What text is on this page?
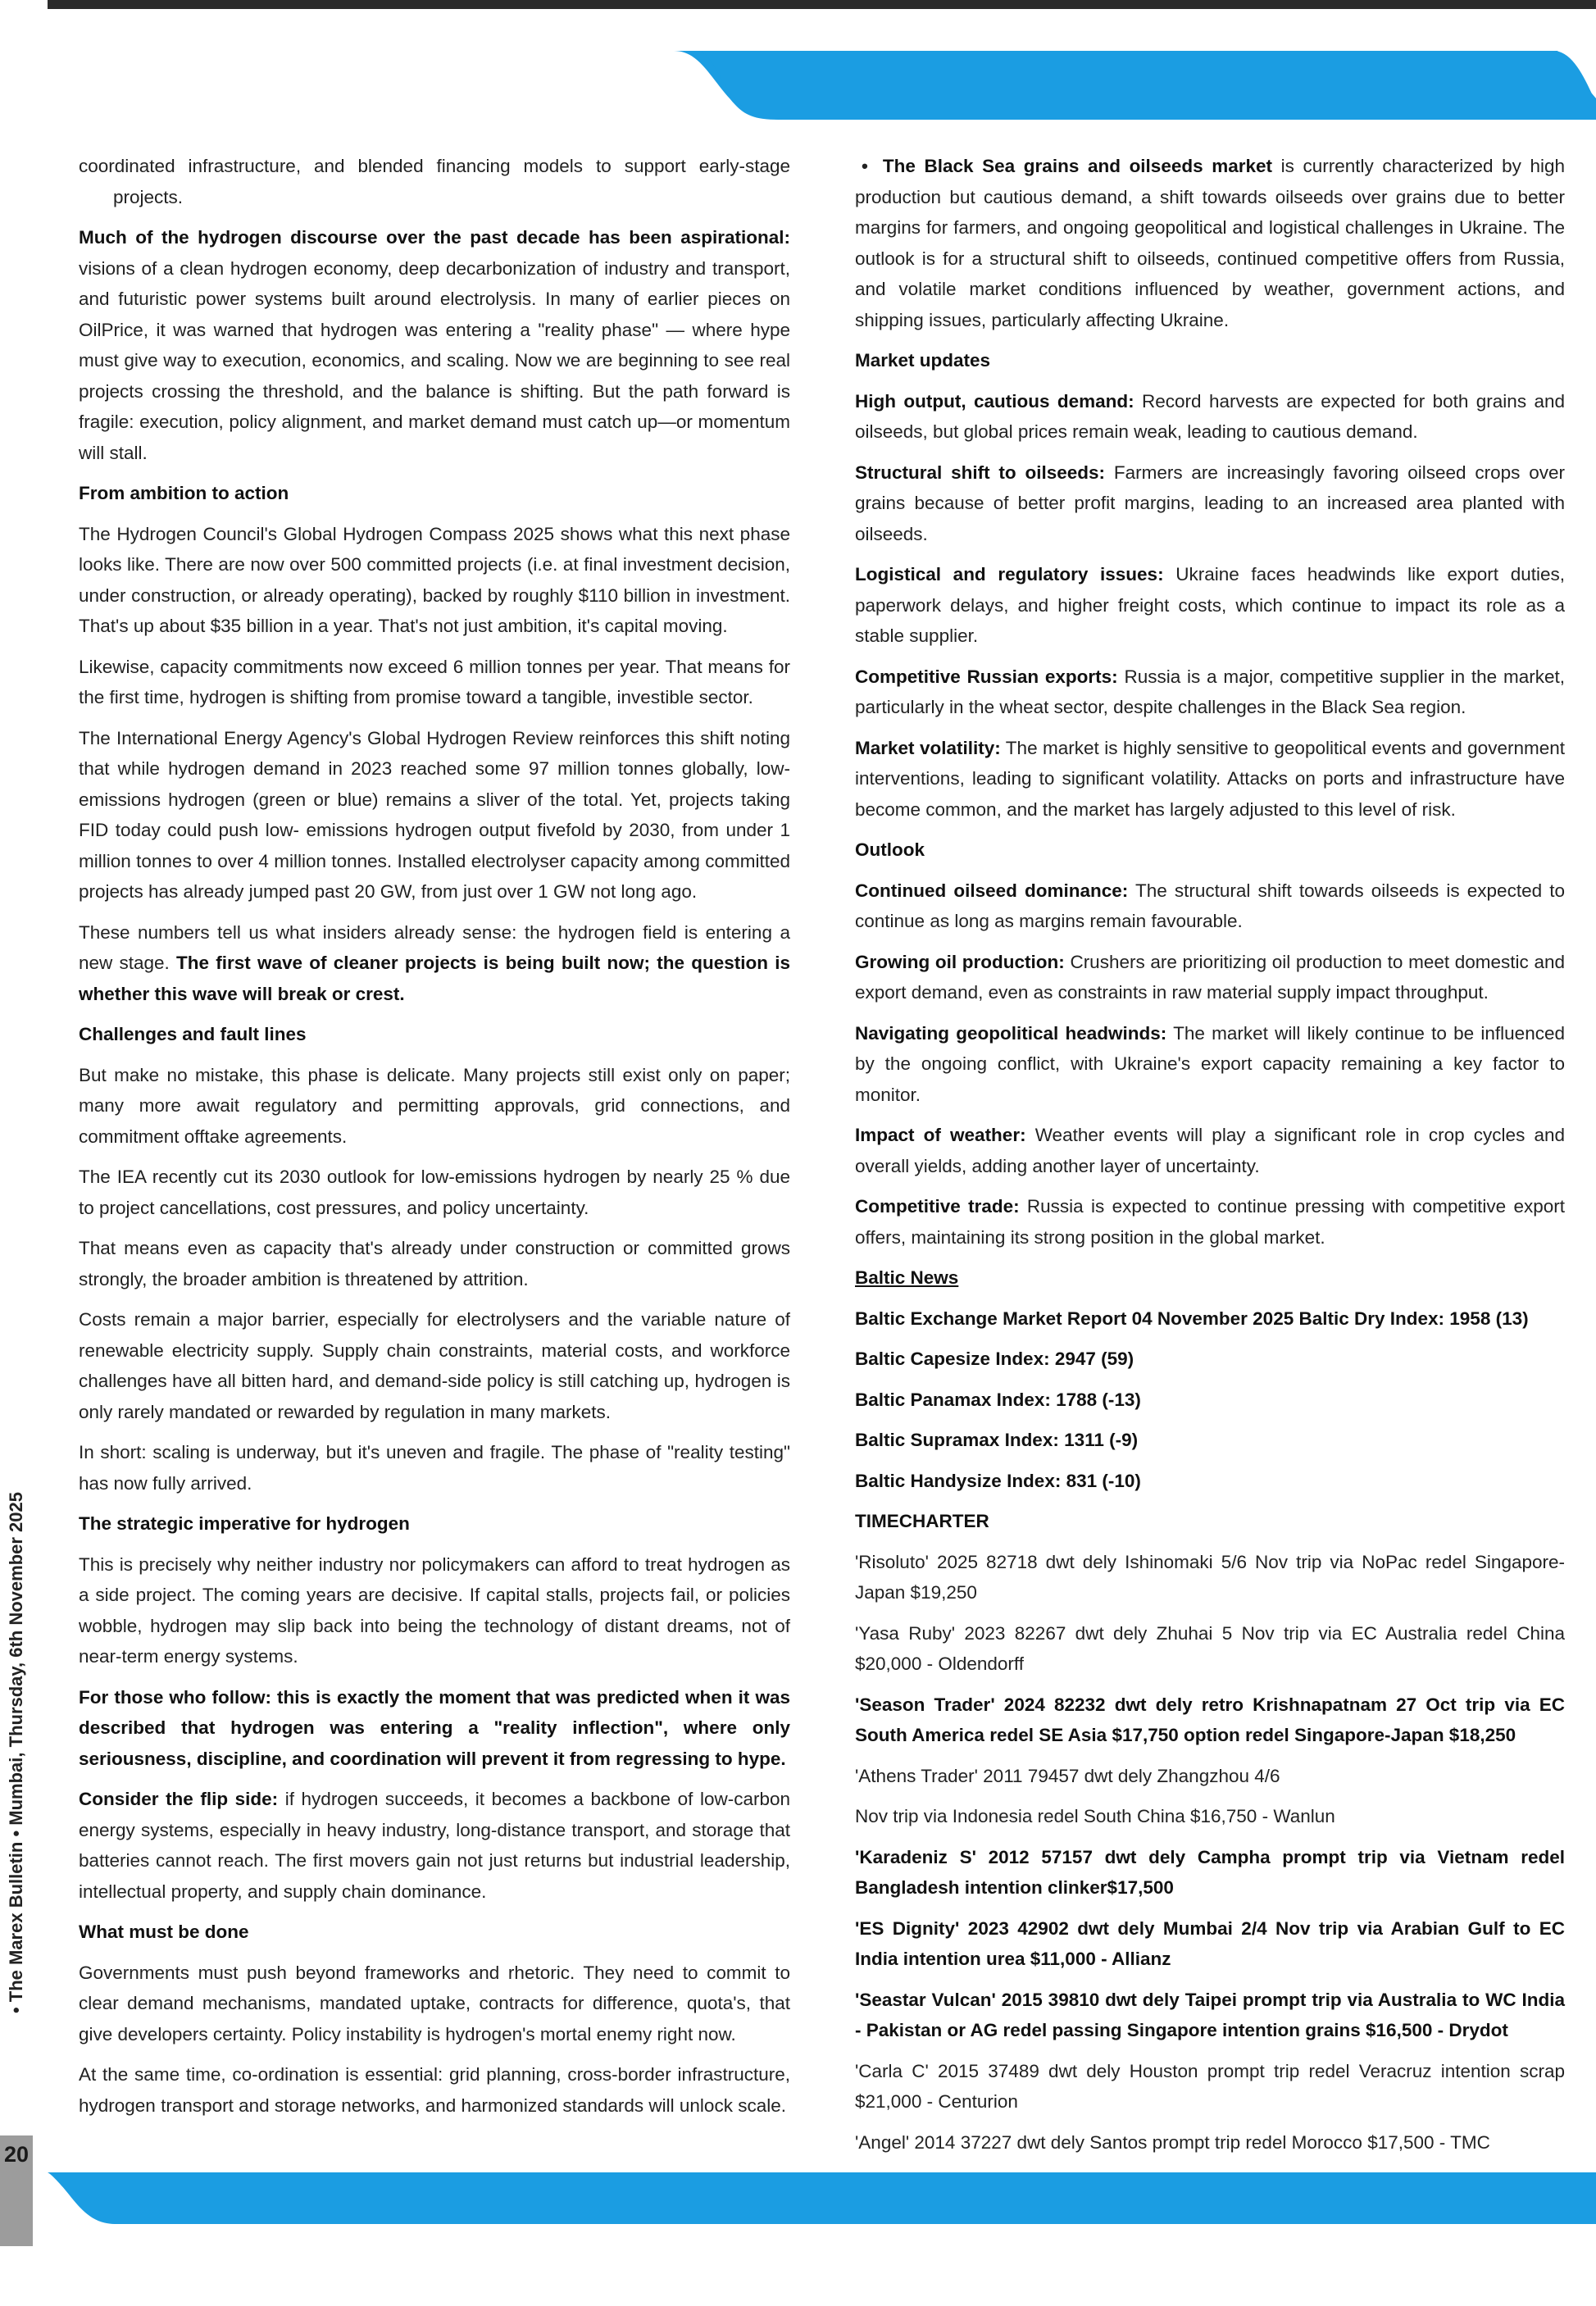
coordinated infrastructure, and blended financing models to support early-stage projects.

Much of the hydrogen discourse over the past decade has been aspirational: visions of a clean hydrogen economy, deep decarbonization of industry and transport, and futuristic power systems built around electrolysis. In many of earlier pieces on OilPrice, it was warned that hydrogen was entering a "reality phase" — where hype must give way to execution, economics, and scaling. Now we are beginning to see real projects crossing the threshold, and the balance is shifting. But the path forward is fragile: execution, policy alignment, and market demand must catch up—or momentum will stall.

From ambition to action

The Hydrogen Council's Global Hydrogen Compass 2025 shows what this next phase looks like. There are now over 500 committed projects (i.e. at final investment decision, under construction, or already operating), backed by roughly $110 billion in investment. That's up about $35 billion in a year. That's not just ambition, it's capital moving.

Likewise, capacity commitments now exceed 6 million tonnes per year. That means for the first time, hydrogen is shifting from promise toward a tangible, investible sector.

The International Energy Agency's Global Hydrogen Review reinforces this shift noting that while hydrogen demand in 2023 reached some 97 million tonnes globally, low-emissions hydrogen (green or blue) remains a sliver of the total. Yet, projects taking FID today could push low- emissions hydrogen output fivefold by 2030, from under 1 million tonnes to over 4 million tonnes. Installed electrolyser capacity among committed projects has already jumped past 20 GW, from just over 1 GW not long ago.

These numbers tell us what insiders already sense: the hydrogen field is entering a new stage. The first wave of cleaner projects is being built now; the question is whether this wave will break or crest.

Challenges and fault lines

But make no mistake, this phase is delicate. Many projects still exist only on paper; many more await regulatory and permitting approvals, grid connections, and commitment offtake agreements.

The IEA recently cut its 2030 outlook for low-emissions hydrogen by nearly 25 % due to project cancellations, cost pressures, and policy uncertainty.

That means even as capacity that's already under construction or committed grows strongly, the broader ambition is threatened by attrition.

Costs remain a major barrier, especially for electrolysers and the variable nature of renewable electricity supply. Supply chain constraints, material costs, and workforce challenges have all bitten hard, and demand-side policy is still catching up, hydrogen is only rarely mandated or rewarded by regulation in many markets.

In short: scaling is underway, but it's uneven and fragile. The phase of "reality testing" has now fully arrived.

The strategic imperative for hydrogen

This is precisely why neither industry nor policymakers can afford to treat hydrogen as a side project. The coming years are decisive. If capital stalls, projects fail, or policies wobble, hydrogen may slip back into being the technology of distant dreams, not of near-term energy systems.

For those who follow: this is exactly the moment that was predicted when it was described that hydrogen was entering a "reality inflection", where only seriousness, discipline, and coordination will prevent it from regressing to hype.

Consider the flip side: if hydrogen succeeds, it becomes a backbone of low-carbon energy systems, especially in heavy industry, long-distance transport, and storage that batteries cannot reach. The first movers gain not just returns but industrial leadership, intellectual property, and supply chain dominance.

What must be done

Governments must push beyond frameworks and rhetoric. They need to commit to clear demand mechanisms, mandated uptake, contracts for difference, quota's, that give developers certainty. Policy instability is hydrogen's mortal enemy right now.

At the same time, co-ordination is essential: grid planning, cross-border infrastructure, hydrogen transport and storage networks, and harmonized standards will unlock scale.

• The Black Sea grains and oilseeds market is currently characterized by high production but cautious demand, a shift towards oilseeds over grains due to better margins for farmers, and ongoing geopolitical and logistical challenges in Ukraine. The outlook is for a structural shift to oilseeds, continued competitive offers from Russia, and volatile market conditions influenced by weather, government actions, and shipping issues, particularly affecting Ukraine.

Market updates

High output, cautious demand: Record harvests are expected for both grains and oilseeds, but global prices remain weak, leading to cautious demand.

Structural shift to oilseeds: Farmers are increasingly favoring oilseed crops over grains because of better profit margins, leading to an increased area planted with oilseeds.

Logistical and regulatory issues: Ukraine faces headwinds like export duties, paperwork delays, and higher freight costs, which continue to impact its role as a stable supplier.

Competitive Russian exports: Russia is a major, competitive supplier in the market, particularly in the wheat sector, despite challenges in the Black Sea region.

Market volatility: The market is highly sensitive to geopolitical events and government interventions, leading to significant volatility. Attacks on ports and infrastructure have become common, and the market has largely adjusted to this level of risk.

Outlook

Continued oilseed dominance: The structural shift towards oilseeds is expected to continue as long as margins remain favourable.

Growing oil production: Crushers are prioritizing oil production to meet domestic and export demand, even as constraints in raw material supply impact throughput.

Navigating geopolitical headwinds: The market will likely continue to be influenced by the ongoing conflict, with Ukraine's export capacity remaining a key factor to monitor.

Impact of weather: Weather events will play a significant role in crop cycles and overall yields, adding another layer of uncertainty.

Competitive trade: Russia is expected to continue pressing with competitive export offers, maintaining its strong position in the global market.

Baltic News

Baltic Exchange Market Report 04 November 2025 Baltic Dry Index: 1958 (13)

Baltic Capesize Index: 2947 (59)

Baltic Panamax Index: 1788 (-13)

Baltic Supramax Index: 1311 (-9)

Baltic Handysize Index: 831 (-10)

TIMECHARTER

'Risoluto' 2025 82718 dwt dely Ishinomaki 5/6 Nov trip via NoPac redel Singapore-Japan $19,250

'Yasa Ruby' 2023 82267 dwt dely Zhuhai 5 Nov trip via EC Australia redel China $20,000 - Oldendorff

'Season Trader' 2024 82232 dwt dely retro Krishnapatnam 27 Oct trip via EC South America redel SE Asia $17,750 option redel Singapore-Japan $18,250

'Athens Trader' 2011 79457 dwt dely Zhangzhou 4/6

Nov trip via Indonesia redel South China $16,750 - Wanlun

'Karadeniz S' 2012 57157 dwt dely Campha prompt trip via Vietnam redel Bangladesh intention clinker$17,500

'ES Dignity' 2023 42902 dwt dely Mumbai 2/4 Nov trip via Arabian Gulf to EC India intention urea $11,000 - Allianz

'Seastar Vulcan' 2015 39810 dwt dely Taipei prompt trip via Australia to WC India - Pakistan or AG redel passing Singapore intention grains $16,500 - Drydot

'Carla C' 2015 37489 dwt dely Houston prompt trip redel Veracruz intention scrap $21,000 - Centurion

'Angel' 2014 37227 dwt dely Santos prompt trip redel Morocco $17,500 - TMC

• The Marex Bulletin • Mumbai, Thursday, 6th November 2025
20
